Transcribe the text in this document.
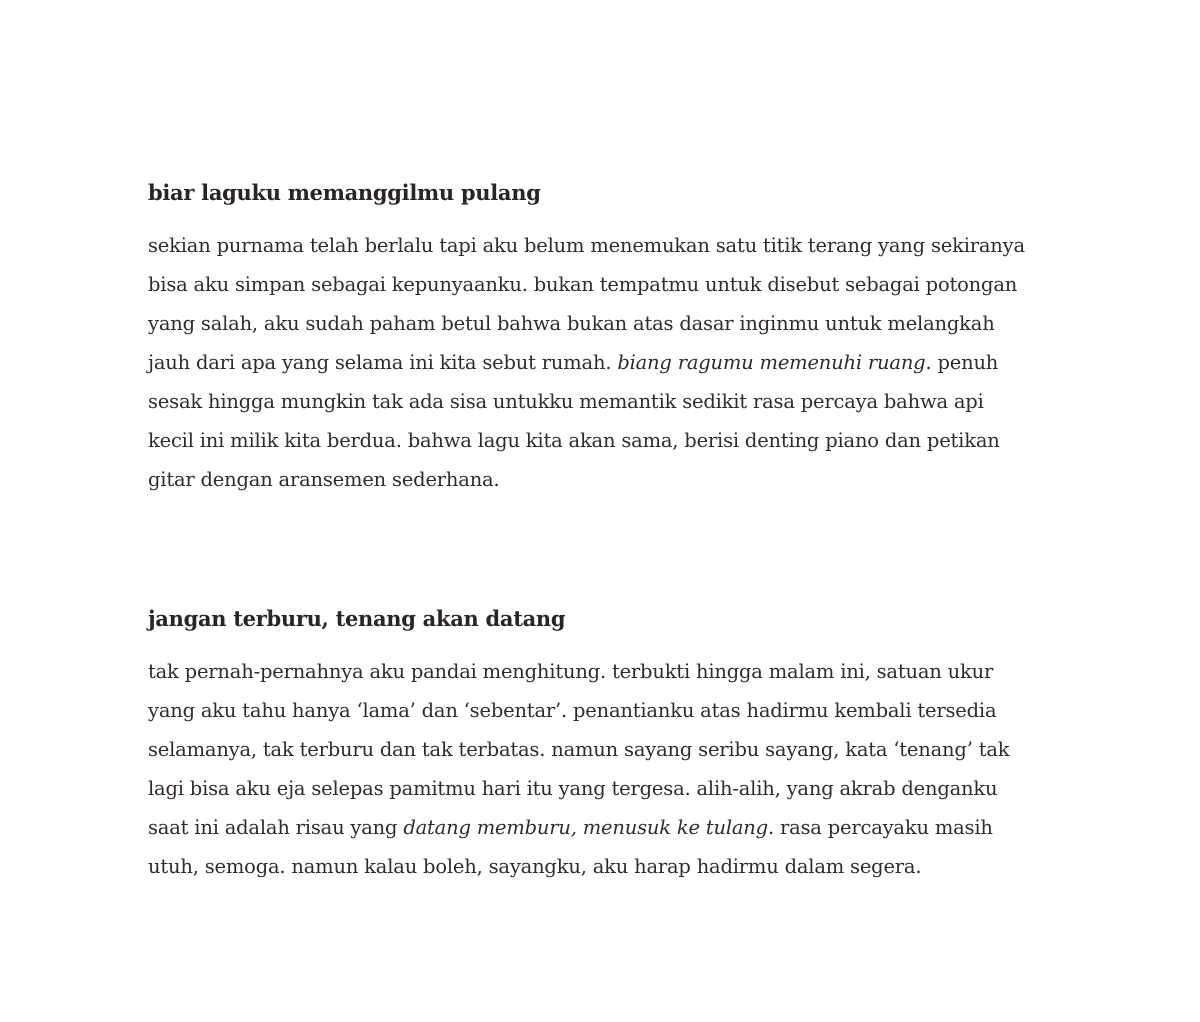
biar laguku memanggilmu pulang

sekian purnama telah berlalu tapi aku belum menemukan satu titik terang yang sekiranya
bisa aku simpan sebagai kepunyaanku. bukan tempatmu untuk disebut sebagai potongan
yang salah, aku sudah paham betul bahwa bukan atas dasar inginmu untuk melangkah
jauh dari apa yang selama ini kita sebut rumah. biang ragumu memenuhi ruang. penuh
sesak hingga mungkin tak ada sisa untukku memantik sedikit rasa percaya bahwa api
kecil ini milik kita berdua. bahwa lagu kita akan sama, berisi denting piano dan petikan
gitar dengan aransemen sederhana.

jangan terburu, tenang akan datang

tak pernah-pernahnya aku pandai menghitung. terbukti hingga malam ini, satuan ukur
yang aku tahu hanya ‘lama’ dan ‘sebentar’. penantianku atas hadirmu kembali tersedia
selamanya, tak terburu dan tak terbatas. namun sayang seribu sayang, kata ‘tenang’ tak
lagi bisa aku eja selepas pamitmu hari itu yang tergesa. alih-alih, yang akrab denganku
saat ini adalah risau yang datang memburu, menusuk ke tulang. rasa percayaku masih
utuh, semoga. namun kalau boleh, sayangku, aku harap hadirmu dalam segera.
